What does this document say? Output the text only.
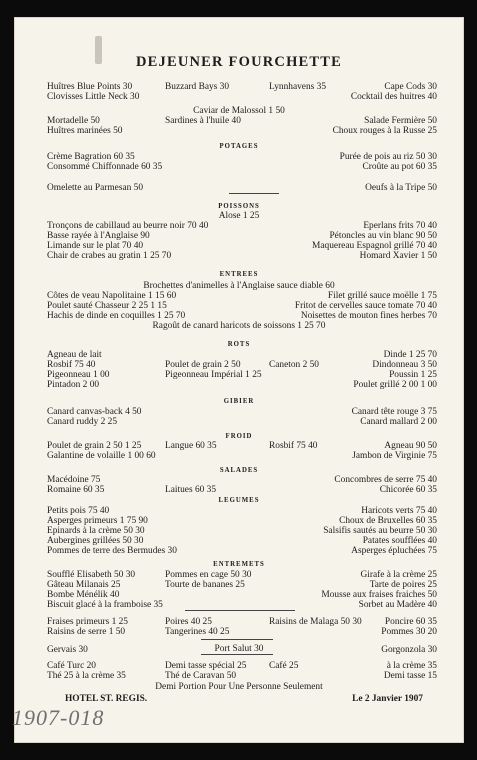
DEJEUNER FOURCHETTE
Huîtres Blue Points 30	Buzzard Bays 30	Lynnhavens 35	Cape Cods 30
Clovisses Little Neck 30	Cocktail des huitres 40
Caviar de Malossol 1 50
Mortadelle 50	Sardines à l'huile 40	Salade Fermière 50
Huîtres marinées 50	Choux rouges à la Russe 25
POTAGES
Crème Bagration 60 35	Purée de pois au riz 50 30
Consommé Chiffonnade 60 35	Croûte au pot 60 35
Omelette au Parmesan 50	Oeufs à la Tripe 50
POISSONS
Alose 1 25
Tronçons de cabillaud au beurre noir 70 40	Eperlans frits 70 40
Basse rayée à l'Anglaise 90	Pétoncles au vin blanc 90 50
Limande sur le plat 70 40	Maquereau Espagnol grillé 70 40
Chair de crabes au gratin 1 25 70	Homard Xavier 1 50
ENTREES
Brochettes d'animelles à l'Anglaise sauce diable 60
Côtes de veau Napolitaine 1 15 60	Filet grillé sauce moëlle 1 75
Poulet sauté Chasseur 2 25 1 15	Fritot de cervelles sauce tomate 70 40
Hachis de dinde en coquilles 1 25 70	Noisettes de mouton fines herbes 70
Ragoût de canard haricots de soissons 1 25 70
ROTS
Agneau de lait	Dinde 1 25 70
Rosbif 75 40	Poulet de grain 2 50	Caneton 2 50	Dindonneau 3 50
Pigeonneau 1 00	Pigeonneau Impérial 1 25	Poussin 1 25
Pintadon 2 00	Poulet grillé 2 00 1 00
GIBIER
Canard canvas-back 4 50	Canard tête rouge 3 75
Canard ruddy 2 25	Canard mallard 2 00
FROID
Poulet de grain 2 50 1 25	Langue 60 35	Rosbif 75 40	Agneau 90 50
Galantine de volaille 1 00 60	Jambon de Virginie 75
SALADES
Macédoine 75	Concombres de serre 75 40
Romaine 60 35	Laitues 60 35	Chicorée 60 35
LEGUMES
Petits pois 75 40	Haricots verts 75 40
Asperges primeurs 1 75 90	Choux de Bruxelles 60 35
Epinards à la crème 50 30	Salsifis sautés au beurre 50 30
Aubergines grillées 50 30	Patates soufflées 40
Pommes de terre des Bermudes 30	Asperges épluchées 75
ENTREMETS
Soufflé Elisabeth 50 30	Pommes en cage 50 30	Girafe à la crème 25
Gâteau Milanais 25	Tourte de bananes 25	Tarte de poires 25
Bombe Ménélik 40	Mousse aux fraises fraiches 50
Biscuit glacé à la framboise 35	Sorbet au Madère 40
Fraises primeurs 1 25	Poires 40 25	Raisins de Malaga 50 30 Poncire 60 35
Raisins de serre 1 50	Tangerines 40 25	Pommes 30 20
Port Salut 30
Gervais 30	Gorgonzola 30
Café Turc 20	Demi tasse spécial 25 Café 25	à la crème 35
Thé 25 à la crème 35	Thé de Caravan 50	Demi tasse 15
Demi Portion Pour Une Personne Seulement
HOTEL ST. REGIS.	Le 2 Janvier 1907
1907-018
